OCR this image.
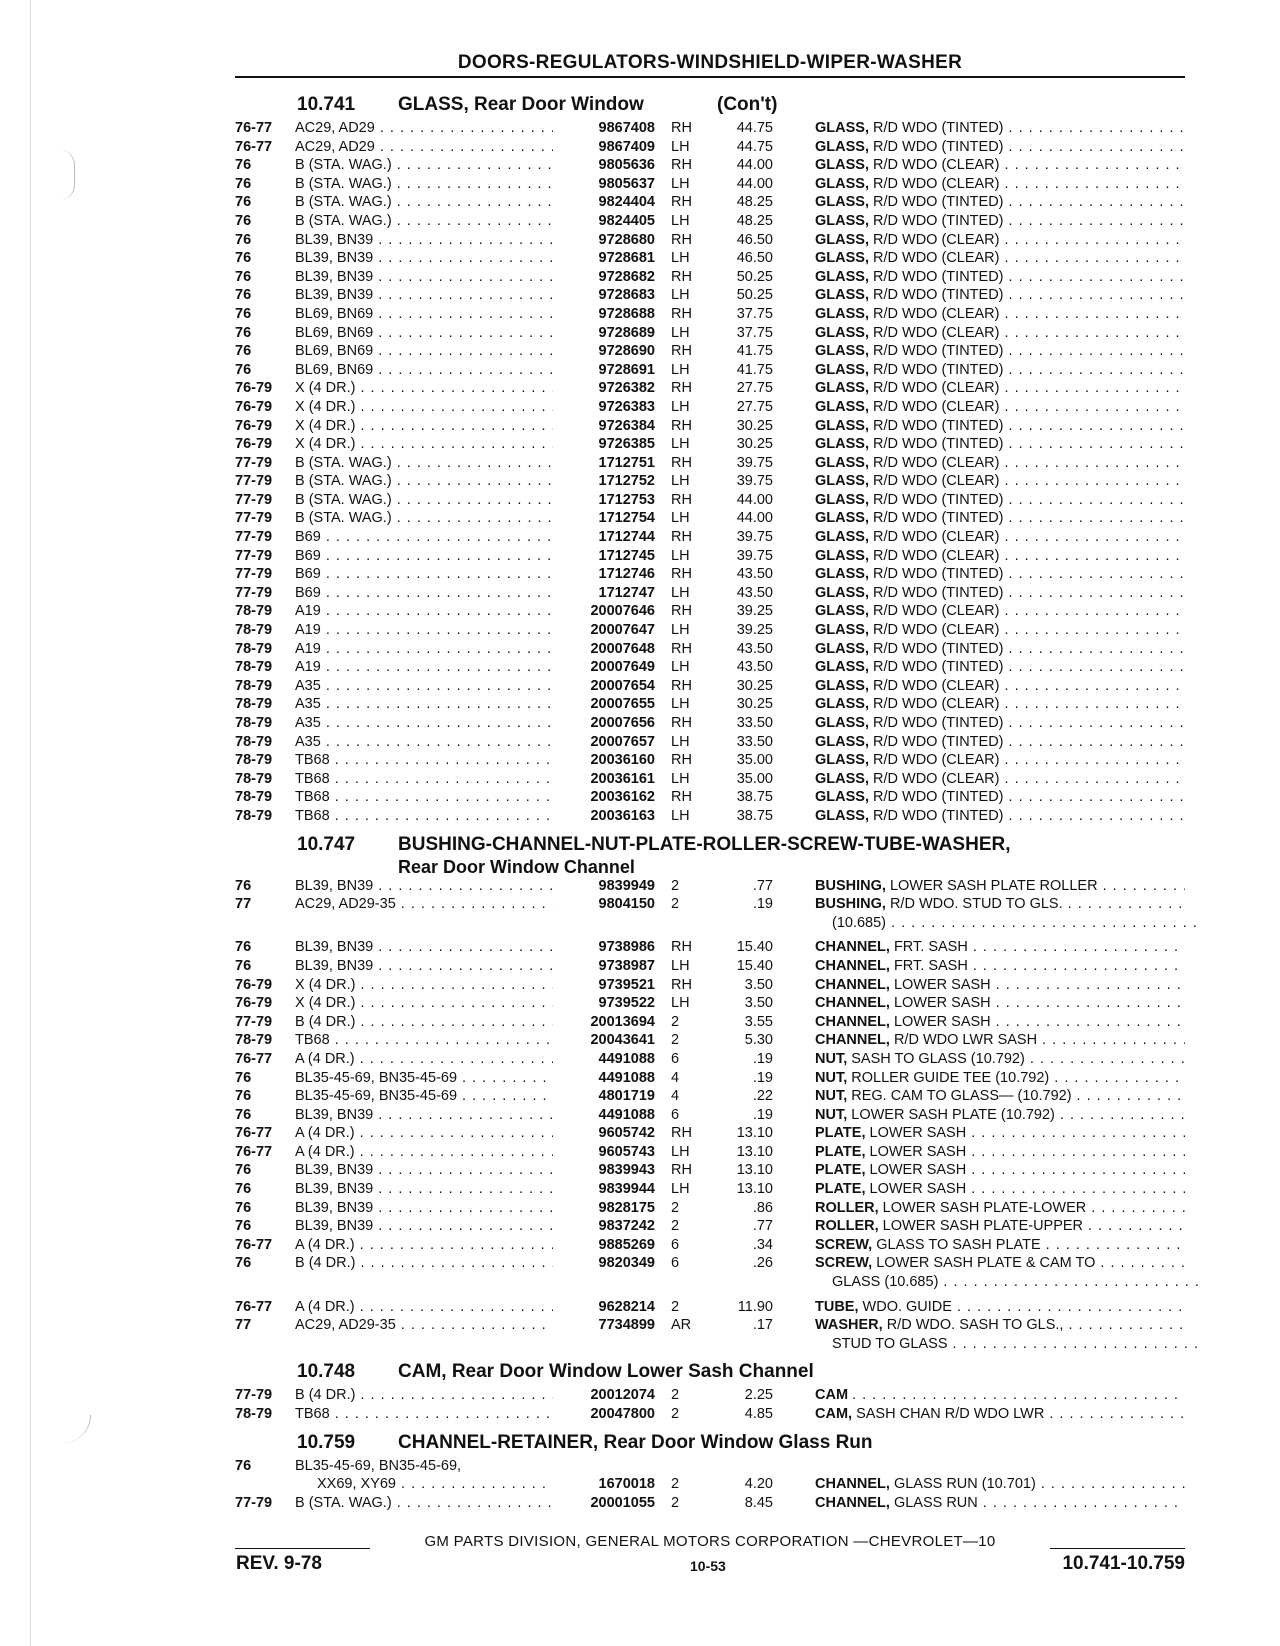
DOORS-REGULATORS-WINDSHIELD-WIPER-WASHER
10.741 GLASS, Rear Door Window	(Con't)
76-77 AC29, AD29 . . .	9867408 RH	44.75	GLASS, R/D WDO (TINTED) . . .
76-77 AC29, AD29 . . .	9867409 LH	44.75	GLASS, R/D WDO (TINTED) . . .
76	B (STA. WAG.) . . .	9805636 RH	44.00	GLASS, R/D WDO (CLEAR) . . .
76	B (STA. WAG.) . . .	9805637 LH	44.00	GLASS, R/D WDO (CLEAR) . . .
76	B (STA. WAG.) . . .	9824404 RH	48.25	GLASS, R/D WDO (TINTED) . . .
76	B (STA. WAG.) . . .	9824405 LH	48.25	GLASS, R/D WDO (TINTED) . . .
76	BL39, BN39 . . .	9728680 RH	46.50	GLASS, R/D WDO (CLEAR) . . .
76	BL39, BN39 . . .	9728681 LH	46.50	GLASS, R/D WDO (CLEAR) . . .
76	BL39, BN39 . . .	9728682 RH	50.25	GLASS, R/D WDO (TINTED) . . .
76	BL39, BN39 . . .	9728683 LH	50.25	GLASS, R/D WDO (TINTED) . . .
76	BL69, BN69 . . .	9728688 RH	37.75	GLASS, R/D WDO (CLEAR) . . .
76	BL69, BN69 . . .	9728689 LH	37.75	GLASS, R/D WDO (CLEAR) . . .
76	BL69, BN69 . . .	9728690 RH	41.75	GLASS, R/D WDO (TINTED) . . .
76	BL69, BN69 . . .	9728691 LH	41.75	GLASS, R/D WDO (TINTED) . . .
76-79 X (4 DR.) . . .	9726382 RH	27.75	GLASS, R/D WDO (CLEAR) . . .
76-79 X (4 DR.) . . .	9726383 LH	27.75	GLASS, R/D WDO (CLEAR) . . .
76-79 X (4 DR.) . . .	9726384 RH	30.25	GLASS, R/D WDO (TINTED) . . .
76-79 X (4 DR.) . . .	9726385 LH	30.25	GLASS, R/D WDO (TINTED) . . .
77-79 B (STA. WAG.) . . .	1712751 RH	39.75	GLASS, R/D WDO (CLEAR) . . .
77-79 B (STA. WAG.) . . .	1712752 LH	39.75	GLASS, R/D WDO (CLEAR) . . .
77-79 B (STA. WAG.) . . .	1712753 RH	44.00	GLASS, R/D WDO (TINTED) . . .
77-79 B (STA. WAG.) . . .	1712754 LH	44.00	GLASS, R/D WDO (TINTED) . . .
77-79 B69 . . .	1712744 RH	39.75	GLASS, R/D WDO (CLEAR) . . .
77-79 B69 . . .	1712745 LH	39.75	GLASS, R/D WDO (CLEAR) . . .
77-79 B69 . . .	1712746 RH	43.50	GLASS, R/D WDO (TINTED) . . .
77-79 B69 . . .	1712747 LH	43.50	GLASS, R/D WDO (TINTED) . . .
78-79 A19 . . .	20007646 RH	39.25	GLASS, R/D WDO (CLEAR) . . .
78-79 A19 . . .	20007647 LH	39.25	GLASS, R/D WDO (CLEAR) . . .
78-79 A19 . . .	20007648 RH	43.50	GLASS, R/D WDO (TINTED) . . .
78-79 A19 . . .	20007649 LH	43.50	GLASS, R/D WDO (TINTED) . . .
78-79 A35 . . .	20007654 RH	30.25	GLASS, R/D WDO (CLEAR) . . .
78-79 A35 . . .	20007655 LH	30.25	GLASS, R/D WDO (CLEAR) . . .
78-79 A35 . . .	20007656 RH	33.50	GLASS, R/D WDO (TINTED) . . .
78-79 A35 . . .	20007657 LH	33.50	GLASS, R/D WDO (TINTED) . . .
78-79 TB68 . . .	20036160 RH	35.00	GLASS, R/D WDO (CLEAR) . . .
78-79 TB68 . . .	20036161 LH	35.00	GLASS, R/D WDO (CLEAR) . . .
78-79 TB68 . . .	20036162 RH	38.75	GLASS, R/D WDO (TINTED) . . .
78-79 TB68 . . .	20036163 LH	38.75	GLASS, R/D WDO (TINTED) . . .
10.747 BUSHING-CHANNEL-NUT-PLATE-ROLLER-SCREW-TUBE-WASHER,
Rear Door Window Channel
76	BL39, BN39 . . .	9839949 2	.77	BUSHING, LOWER SASH PLATE ROLLER . . .
77	AC29, AD29-35 . . .	9804150 2	.19	BUSHING, R/D WDO. STUD TO GLS. . . .
(10.685) . . .
76	BL39, BN39 . . .	9738986 RH	15.40	CHANNEL, FRT. SASH . . .
76	BL39, BN39 . . .	9738987 LH	15.40	CHANNEL, FRT. SASH . . .
76-79 X (4 DR.) . . .	9739521 RH	3.50	CHANNEL, LOWER SASH . . .
76-79 X (4 DR.) . . .	9739522 LH	3.50	CHANNEL, LOWER SASH . . .
77-79 B (4 DR.) . . .	20013694 2	3.55	CHANNEL, LOWER SASH . . .
78-79 TB68 . . .	20043641 2	5.30	CHANNEL, R/D WDO LWR SASH . . .
76-77 A (4 DR.) . . .	4491088 6	.19	NUT, SASH TO GLASS (10.792) . . .
76	BL35-45-69, BN35-45-69 . . .	4491088 4	.19	NUT, ROLLER GUIDE TEE (10.792) . . .
76	BL35-45-69, BN35-45-69 . . .	4801719 4	.22	NUT, REG. CAM TO GLASS— (10.792) . . .
76	BL39, BN39 . . .	4491088 6	.19	NUT, LOWER SASH PLATE (10.792) . . .
76-77 A (4 DR.) . . .	9605742 RH	13.10	PLATE, LOWER SASH . . .
76-77 A (4 DR.) . . .	9605743 LH	13.10	PLATE, LOWER SASH . . .
76	BL39, BN39 . . .	9839943 RH	13.10	PLATE, LOWER SASH . . .
76	BL39, BN39 . . .	9839944 LH	13.10	PLATE, LOWER SASH . . .
76	BL39, BN39 . . .	9828175 2	.86	ROLLER, LOWER SASH PLATE-LOWER . . .
76	BL39, BN39 . . .	9837242 2	.77	ROLLER, LOWER SASH PLATE-UPPER . . .
76-77 A (4 DR.) . . .	9885269 6	.34	SCREW, GLASS TO SASH PLATE . . .
76	B (4 DR.) . . .	9820349 6	.26	SCREW, LOWER SASH PLATE & CAM TO . . .
GLASS (10.685) . . .
76-77 A (4 DR.) . . .	9628214 2	11.90	TUBE, WDO. GUIDE . . .
77	AC29, AD29-35 . . .	7734899 AR	.17	WASHER, R/D WDO. SASH TO GLS., . . .
STUD TO GLASS . . .
10.748 CAM, Rear Door Window Lower Sash Channel
77-79 B (4 DR.) . . .	20012074 2	2.25	CAM . . .
78-79 TB68 . . .	20047800 2	4.85	CAM, SASH CHAN R/D WDO LWR . . .
10.759 CHANNEL-RETAINER, Rear Door Window Glass Run
76	BL35-45-69, BN35-45-69,
XX69, XY69 . . .	1670018 2	4.20	CHANNEL, GLASS RUN (10.701) . . .
77-79 B (STA. WAG.) . . .	20001055 2	8.45	CHANNEL, GLASS RUN . . .
GM PARTS DIVISION, GENERAL MOTORS CORPORATION —CHEVROLET—10
REV. 9-78	10-53	10.741-10.759
